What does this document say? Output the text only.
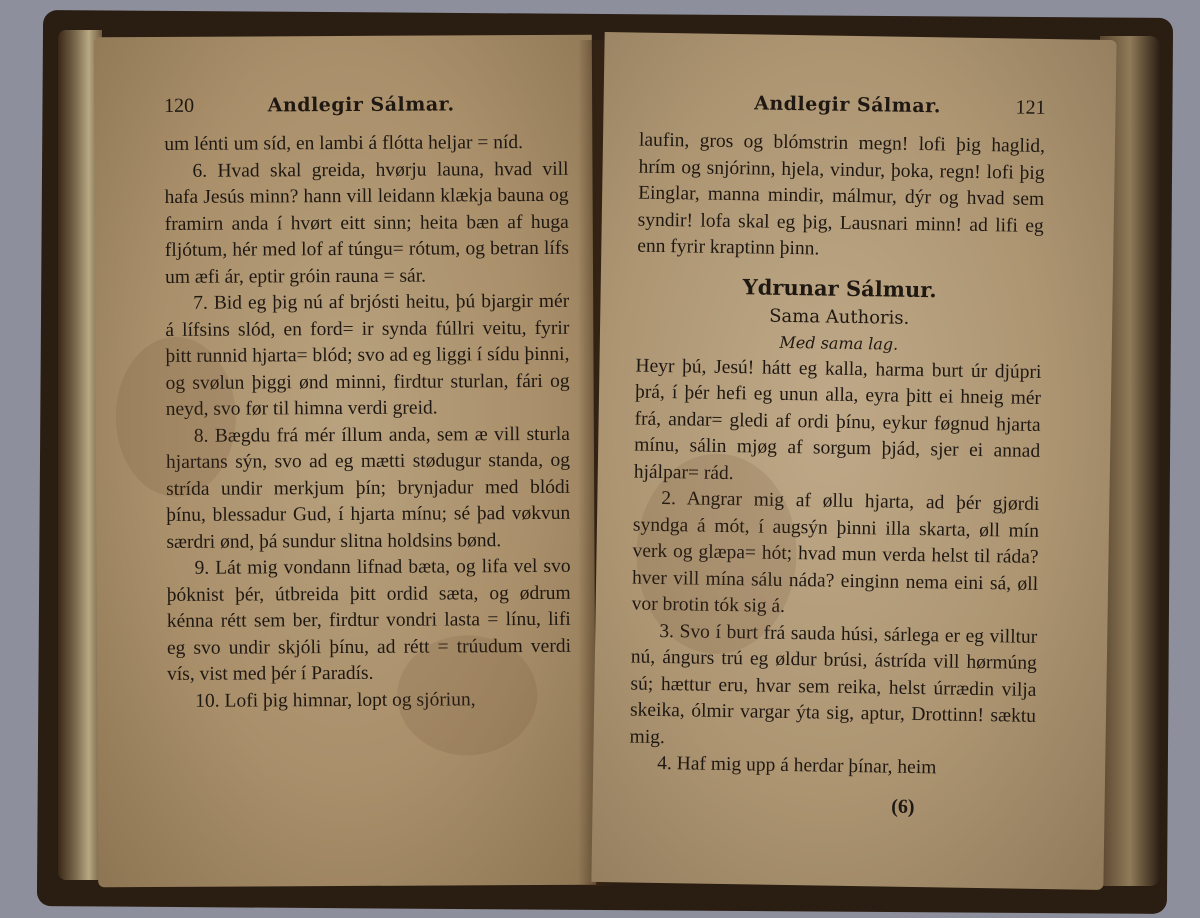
120	Andlegir Sálmar.

um lénti um síd, en lambi á flótta heljar = níd.

6. Hvad skal greida, hvørju launa, hvad vill hafa Jesús minn? hann vill leidann klækja bauna og framirn anda í hvørt eitt sinn; heita bæn af huga fljótum, hér med lof af túngu= rótum, og betran lífs um æfi ár, eptir gróin rauna = sár.

7. Bid eg þig nú af brjósti heitu, þú bjargir mér á lífsins slód, en ford= ir synda fúllri veitu, fyrir þitt runnid hjarta= blód; svo ad eg liggi í sídu þinni, og svølun þiggi ønd minni, firdtur sturlan, fári og neyd, svo før til himna verdi greid.

8. Bægdu frá mér íllum anda, sem æ vill sturla hjartans sýn, svo ad eg mætti stødugur standa, og strída undir merkjum þín; brynjadur med blódi þínu, blessadur Gud, í hjarta mínu; sé þad vøkvun særdri ønd, þá sundur slitna holdsins bønd.

9. Lát mig vondann lifnad bæta, og lifa vel svo þóknist þér, útbreida þitt ordid sæta, og ødrum kénna rétt sem ber, firdtur vondri lasta = línu, lifi eg svo undir skjóli þínu, ad rétt = trúudum verdi vís, vist med þér í Paradís.

10. Lofi þig himnar, lopt og sjóriun,

Andlegir Sálmar.	121

laufin, gros og blómstrin megn! lofi þig haglid, hrím og snjórinn, hjela, vindur, þoka, regn! lofi þig Einglar, manna mindir, málmur, dýr og hvad sem syndir! lofa skal eg þig, Lausnari minn! ad lifi eg enn fyrir kraptinn þinn.

Ydrunar Sálmur.

Sama Authoris.

Med sama lag.

Heyr þú, Jesú! hátt eg kalla, harma burt úr djúpri þrá, í þér hefi eg unun alla, eyra þitt ei hneig mér frá, andar= gledi af ordi þínu, eykur føgnud hjarta mínu, sálin mjøg af sorgum þjád, sjer ei annad hjálpar= rád.

2. Angrar mig af øllu hjarta, ad þér gjørdi syndga á mót, í augsýn þinni illa skarta, øll mín verk og glæpa= hót; hvad mun verda helst til ráda? hver vill mína sálu náda? einginn nema eini sá, øll vor brotin tók sig á.

3. Svo í burt frá sauda húsi, sárlega er eg villtur nú, ángurs trú eg øldur brúsi, ástrída vill hørmúng sú; hættur eru, hvar sem reika, helst úrrædin vilja skeika, ólmir vargar ýta sig, aptur, Drottinn! sæktu mig.

4. Haf mig upp á herdar þínar, heim

(6)
